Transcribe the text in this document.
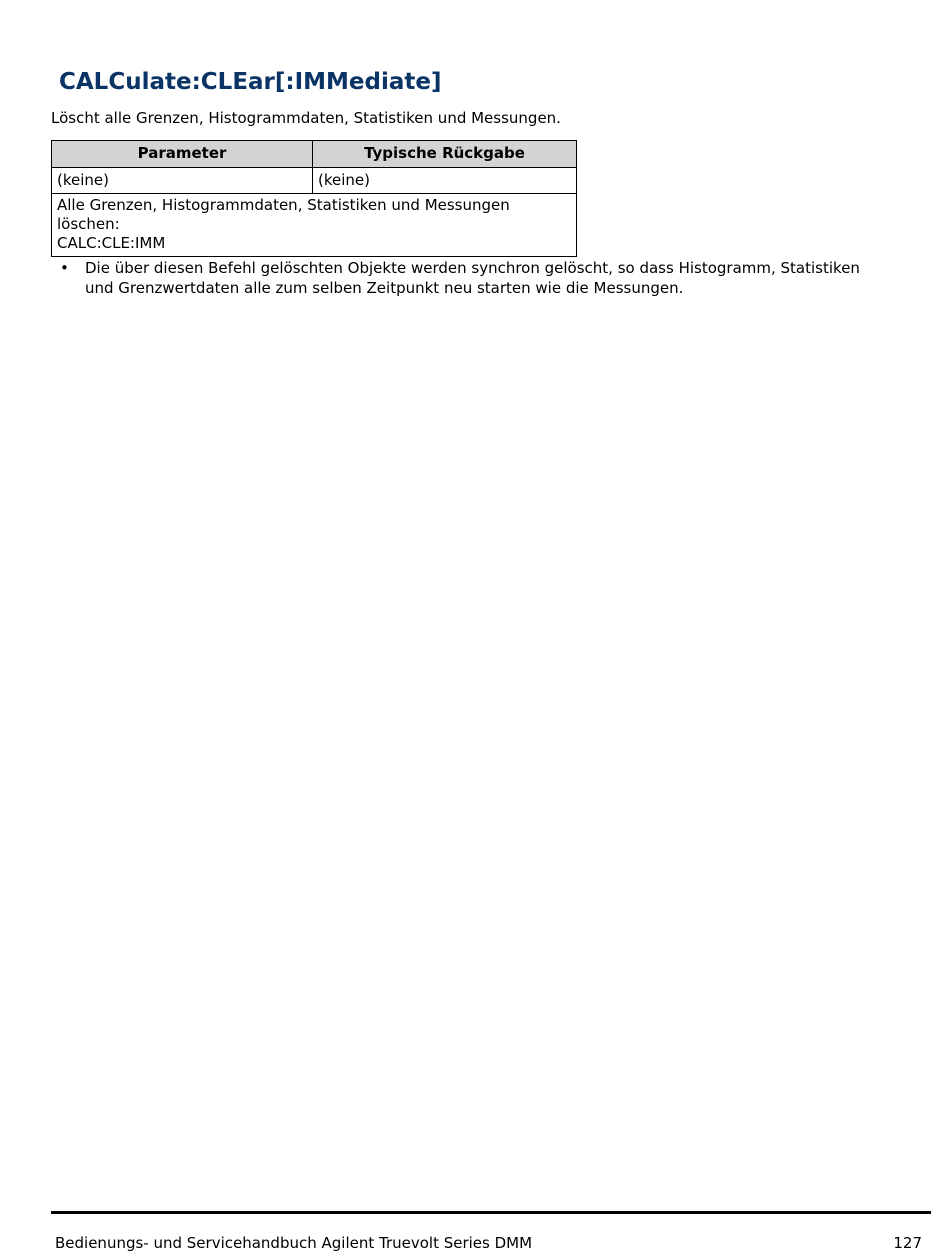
CALCulate:CLEar[:IMMediate]

Löscht alle Grenzen, Histogrammdaten, Statistiken und Messungen.

Parameter	Typische Rückgabe
(keine)	(keine)

Alle Grenzen, Histogrammdaten, Statistiken und Messungen löschen:
CALC:CLE:IMM	
• Die über diesen Befehl gelöschten Objekte werden synchron gelöscht, so dass Histogramm, Statistiken und Grenzwertdaten alle zum selben Zeitpunkt neu starten wie die Messungen.
Bedienungs- und Servicehandbuch Agilent Truevolt Series DMM	127
